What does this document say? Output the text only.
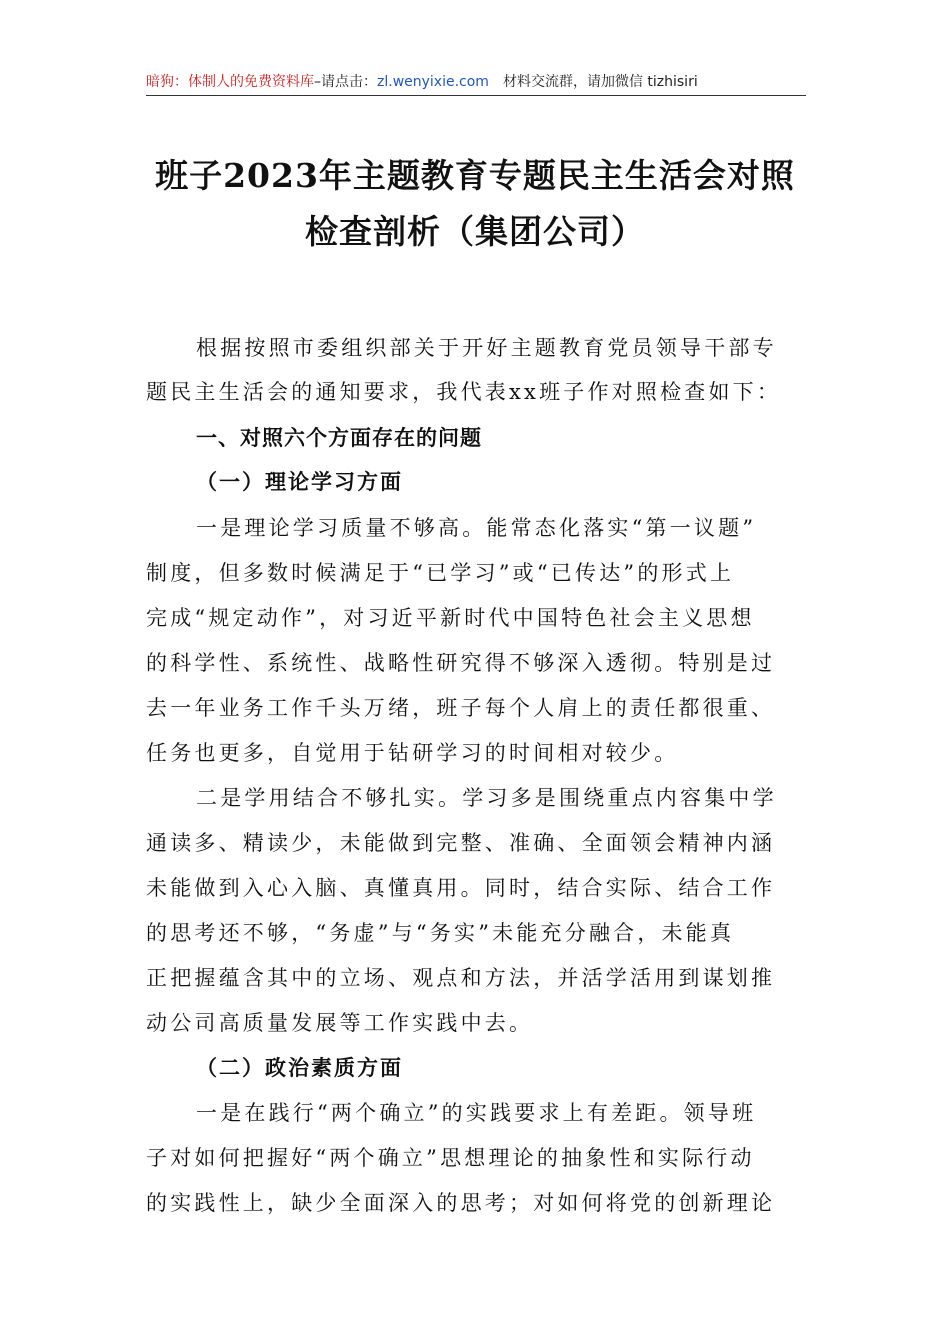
暗狗：体制人的免费资料库–请点击：zl.wenyixie.com 材料交流群，请加微信 tizhisiri
班子2023年主题教育专题民主生活会对照
检查剖析（集团公司）
根据按照市委组织部关于开好主题教育党员领导干部专
题民主生活会的通知要求，我代表xx班子作对照检查如下：
一、对照六个方面存在的问题
（一）理论学习方面
一是理论学习质量不够高。能常态化落实“第一议题”
制度，但多数时候满足于“已学习”或“已传达”的形式上
完成“规定动作”，对习近平新时代中国特色社会主义思想
的科学性、系统性、战略性研究得不够深入透彻。特别是过
去一年业务工作千头万绪，班子每个人肩上的责任都很重、
任务也更多，自觉用于钻研学习的时间相对较少。
二是学用结合不够扎实。学习多是围绕重点内容集中学
通读多、精读少，未能做到完整、准确、全面领会精神内涵
未能做到入心入脑、真懂真用。同时，结合实际、结合工作
的思考还不够，“务虚”与“务实”未能充分融合，未能真
正把握蕴含其中的立场、观点和方法，并活学活用到谋划推
动公司高质量发展等工作实践中去。
（二）政治素质方面
一是在践行“两个确立”的实践要求上有差距。领导班
子对如何把握好“两个确立”思想理论的抽象性和实际行动
的实践性上，缺少全面深入的思考；对如何将党的创新理论
